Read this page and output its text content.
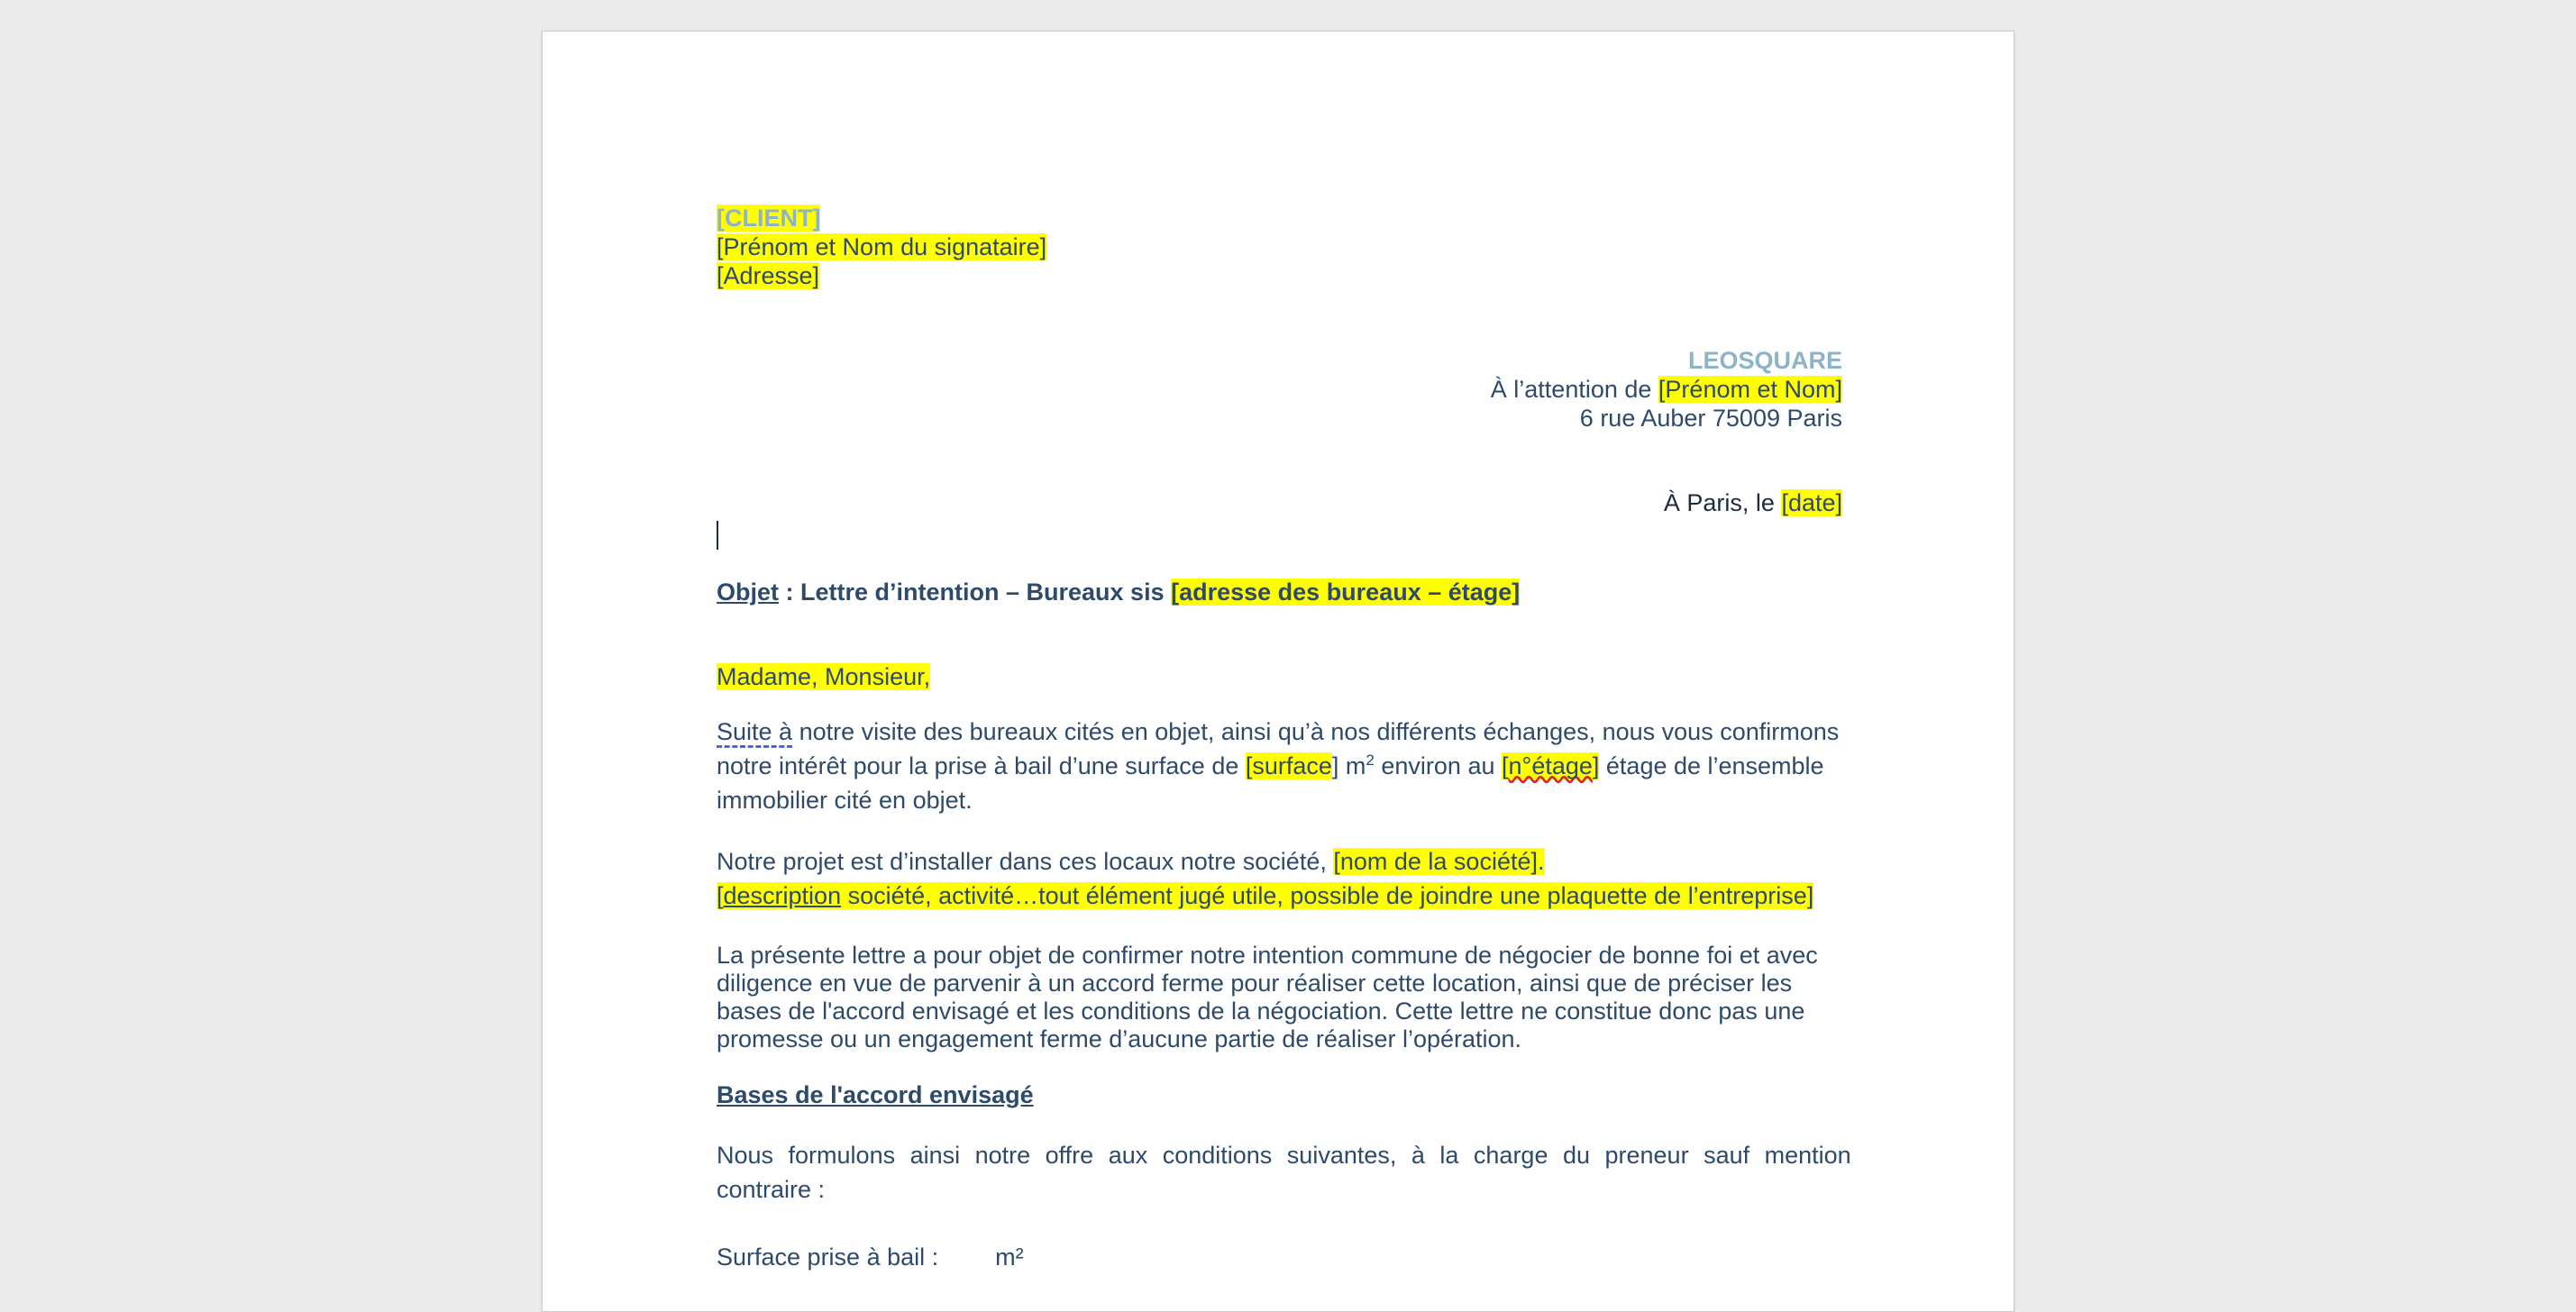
[CLIENT]
[Prénom et Nom du signataire]
[Adresse]
LEOSQUARE
À l’attention de [Prénom et Nom]
6 rue Auber 75009 Paris
À Paris, le [date]
Objet : Lettre d’intention – Bureaux sis [adresse des bureaux – étage]
Madame, Monsieur,
Suite à notre visite des bureaux cités en objet, ainsi qu’à nos différents échanges, nous vous confirmons
notre intérêt pour la prise à bail d’une surface de [surface] $m^2$ environ au [n°étage] étage de l’ensemble
immobilier cité en objet.
Notre projet est d’installer dans ces locaux notre société, [nom de la société].
[description société, activité…tout élément jugé utile, possible de joindre une plaquette de l’entreprise]
La présente lettre a pour objet de confirmer notre intention commune de négocier de bonne foi et avec
diligence en vue de parvenir à un accord ferme pour réaliser cette location, ainsi que de préciser les
bases de l'accord envisagé et les conditions de la négociation. Cette lettre ne constitue donc pas une
promesse ou un engagement ferme d’aucune partie de réaliser l’opération.
Bases de l'accord envisagé
Nous formulons ainsi notre offre aux conditions suivantes, à la charge du preneur sauf mention
contraire :
Surface prise à bail :  m²
